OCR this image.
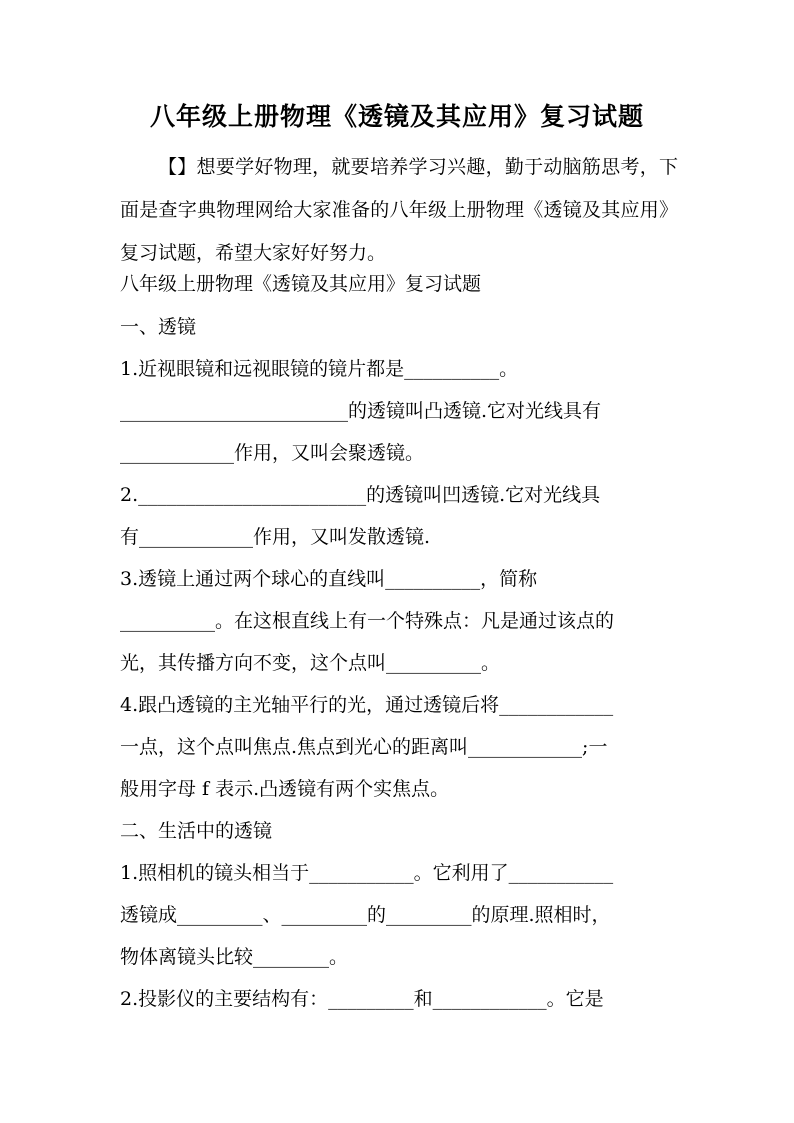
八年级上册物理《透镜及其应用》复习试题
【】想要学好物理，就要培养学习兴趣，勤于动脑筋思考，下面是查字典物理网给大家准备的八年级上册物理《透镜及其应用》复习试题，希望大家好好努力。
八年级上册物理《透镜及其应用》复习试题
一、透镜
1.近视眼镜和远视眼镜的镜片都是__________。
________________________的透镜叫凸透镜.它对光线具有
____________作用，又叫会聚透镜。
2.________________________的透镜叫凹透镜.它对光线具
有____________作用，又叫发散透镜.
3.透镜上通过两个球心的直线叫__________，简称
__________。在这根直线上有一个特殊点：凡是通过该点的
光，其传播方向不变，这个点叫__________。
4.跟凸透镜的主光轴平行的光，通过透镜后将____________
一点，这个点叫焦点.焦点到光心的距离叫____________;一
般用字母 f 表示.凸透镜有两个实焦点。
二、生活中的透镜
1.照相机的镜头相当于___________。它利用了___________
透镜成_________、_________的_________的原理.照相时，
物体离镜头比较________。
2.投影仪的主要结构有：_________和____________。它是
